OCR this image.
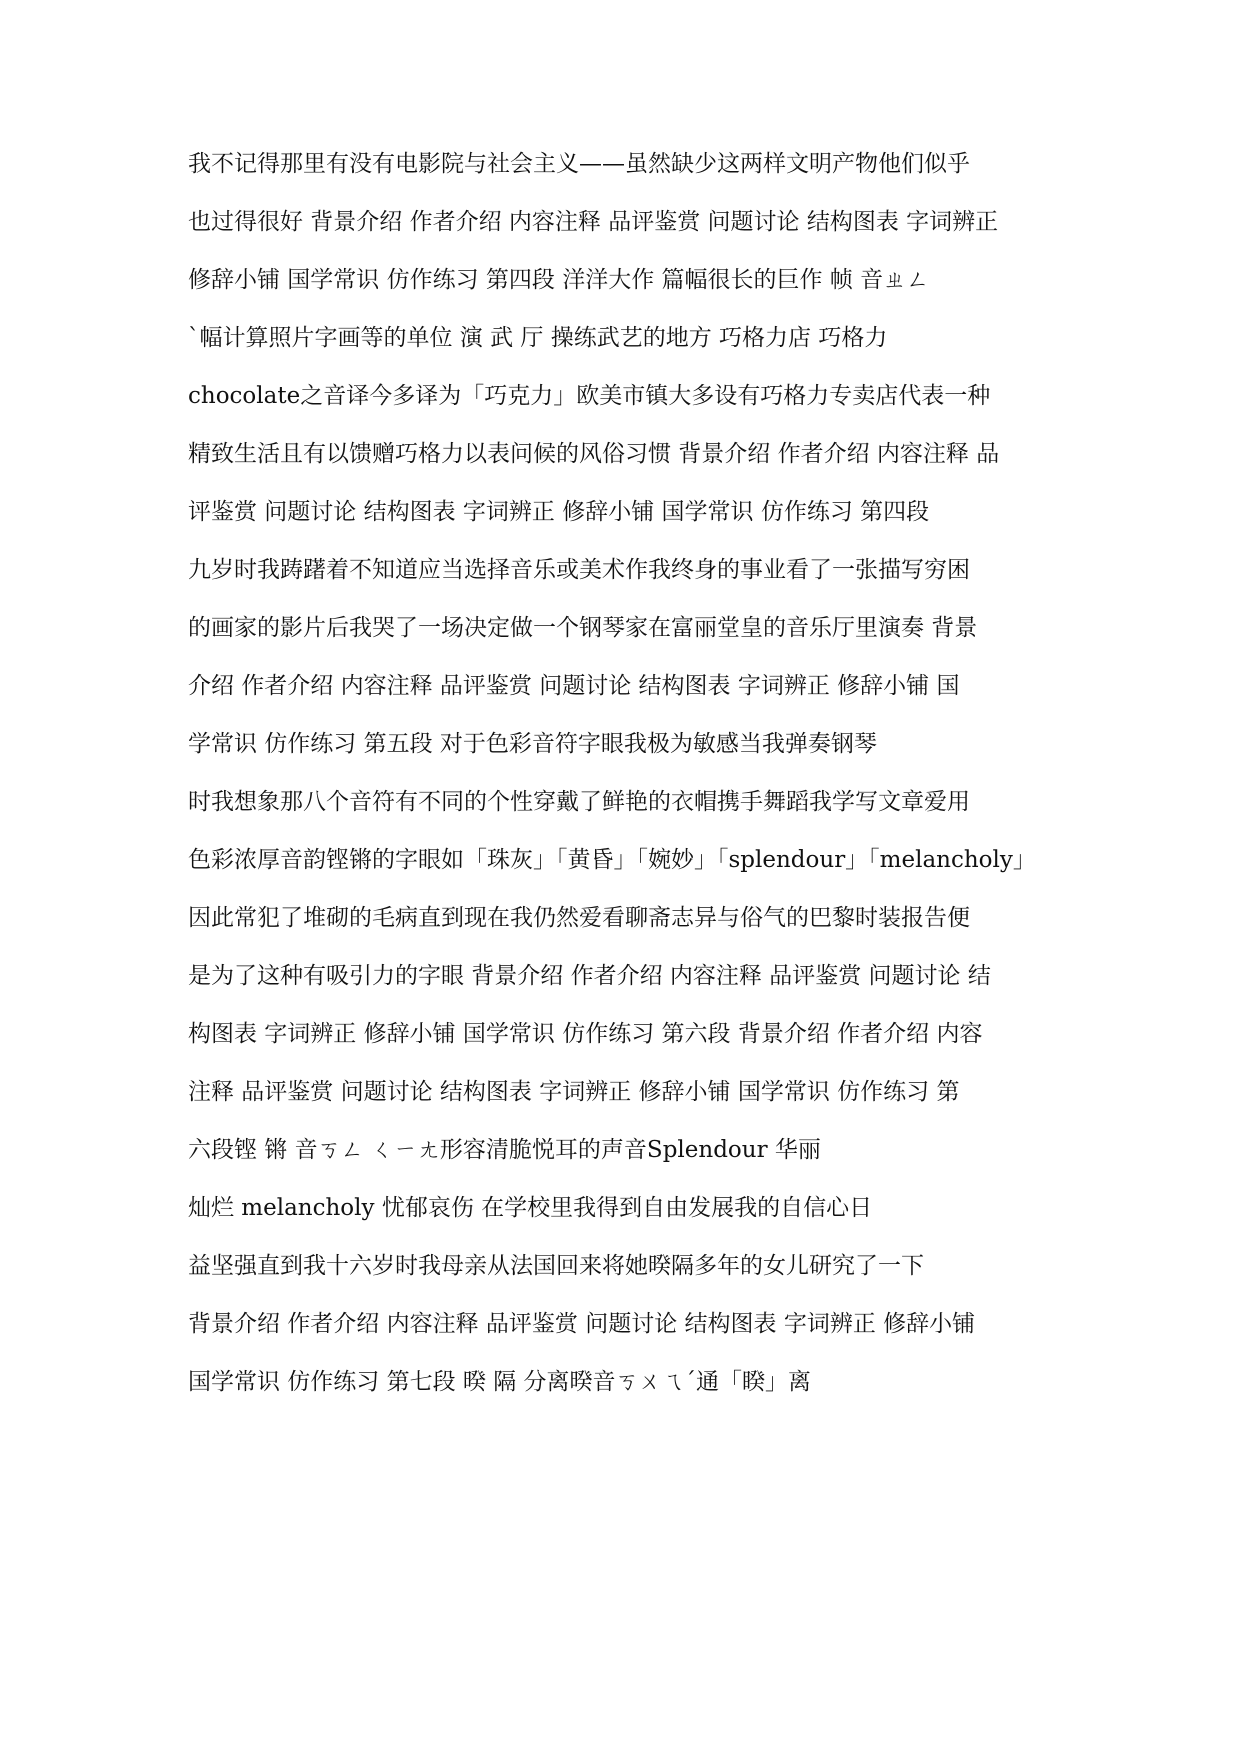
我不记得那里有没有电影院与社会主义——虽然缺少这两样文明产物他们似乎
也过得很好 背景介绍 作者介绍 内容注释 品评鉴赏 问题讨论 结构图表 字词辨正
修辞小铺 国学常识 仿作练习 第四段 洋洋大作 篇幅很长的巨作 帧 音ㄓㄥ
ˋ幅计算照片字画等的单位 演 武 厅 操练武艺的地方 巧格力店 巧格力
chocolate之音译今多译为「巧克力」欧美市镇大多设有巧格力专卖店代表一种
精致生活且有以馈赠巧格力以表问候的风俗习惯 背景介绍 作者介绍 内容注释 品
评鉴赏 问题讨论 结构图表 字词辨正 修辞小铺 国学常识 仿作练习 第四段
九岁时我踌躇着不知道应当选择音乐或美术作我终身的事业看了一张描写穷困
的画家的影片后我哭了一场决定做一个钢琴家在富丽堂皇的音乐厅里演奏 背景
介绍 作者介绍 内容注释 品评鉴赏 问题讨论 结构图表 字词辨正 修辞小铺 国
学常识 仿作练习 第五段 对于色彩音符字眼我极为敏感当我弹奏钢琴
时我想象那八个音符有不同的个性穿戴了鲜艳的衣帽携手舞蹈我学写文章爱用
色彩浓厚音韵铿锵的字眼如「珠灰」「黄昏」「婉妙」「splendour」「melancholy」
因此常犯了堆砌的毛病直到现在我仍然爱看聊斋志异与俗气的巴黎时装报告便
是为了这种有吸引力的字眼 背景介绍 作者介绍 内容注释 品评鉴赏 问题讨论 结
构图表 字词辨正 修辞小铺 国学常识 仿作练习 第六段 背景介绍 作者介绍 内容
注释 品评鉴赏 问题讨论 结构图表 字词辨正 修辞小铺 国学常识 仿作练习 第
六段铿 锵 音ㄎㄥ ㄑㄧㄤ形容清脆悦耳的声音Splendour 华丽
灿烂 melancholy 忧郁哀伤 在学校里我得到自由发展我的自信心日
益坚强直到我十六岁时我母亲从法国回来将她暌隔多年的女儿研究了一下
背景介绍 作者介绍 内容注释 品评鉴赏 问题讨论 结构图表 字词辨正 修辞小铺
国学常识 仿作练习 第七段 暌 隔 分离暌音ㄎㄨㄟˊ通「睽」离
